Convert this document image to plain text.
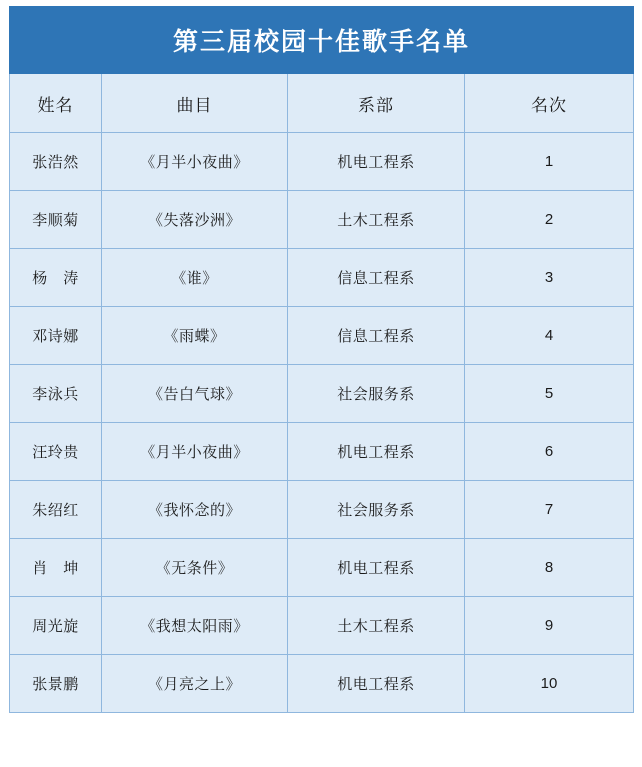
第三届校园十佳歌手名单			
姓名	曲目	系部	名次
张浩然	《月半小夜曲》	机电工程系	1
李顺菊	《失落沙洲》	土木工程系	2
杨　涛	《谁》	信息工程系	3
邓诗娜	《雨蝶》	信息工程系	4
李泳兵	《告白气球》	社会服务系	5
汪玲贵	《月半小夜曲》	机电工程系	6
朱绍红	《我怀念的》	社会服务系	7
肖　坤	《无条件》	机电工程系	8
周光旋	《我想太阳雨》	土木工程系	9
张景鹏	《月亮之上》	机电工程系	10
